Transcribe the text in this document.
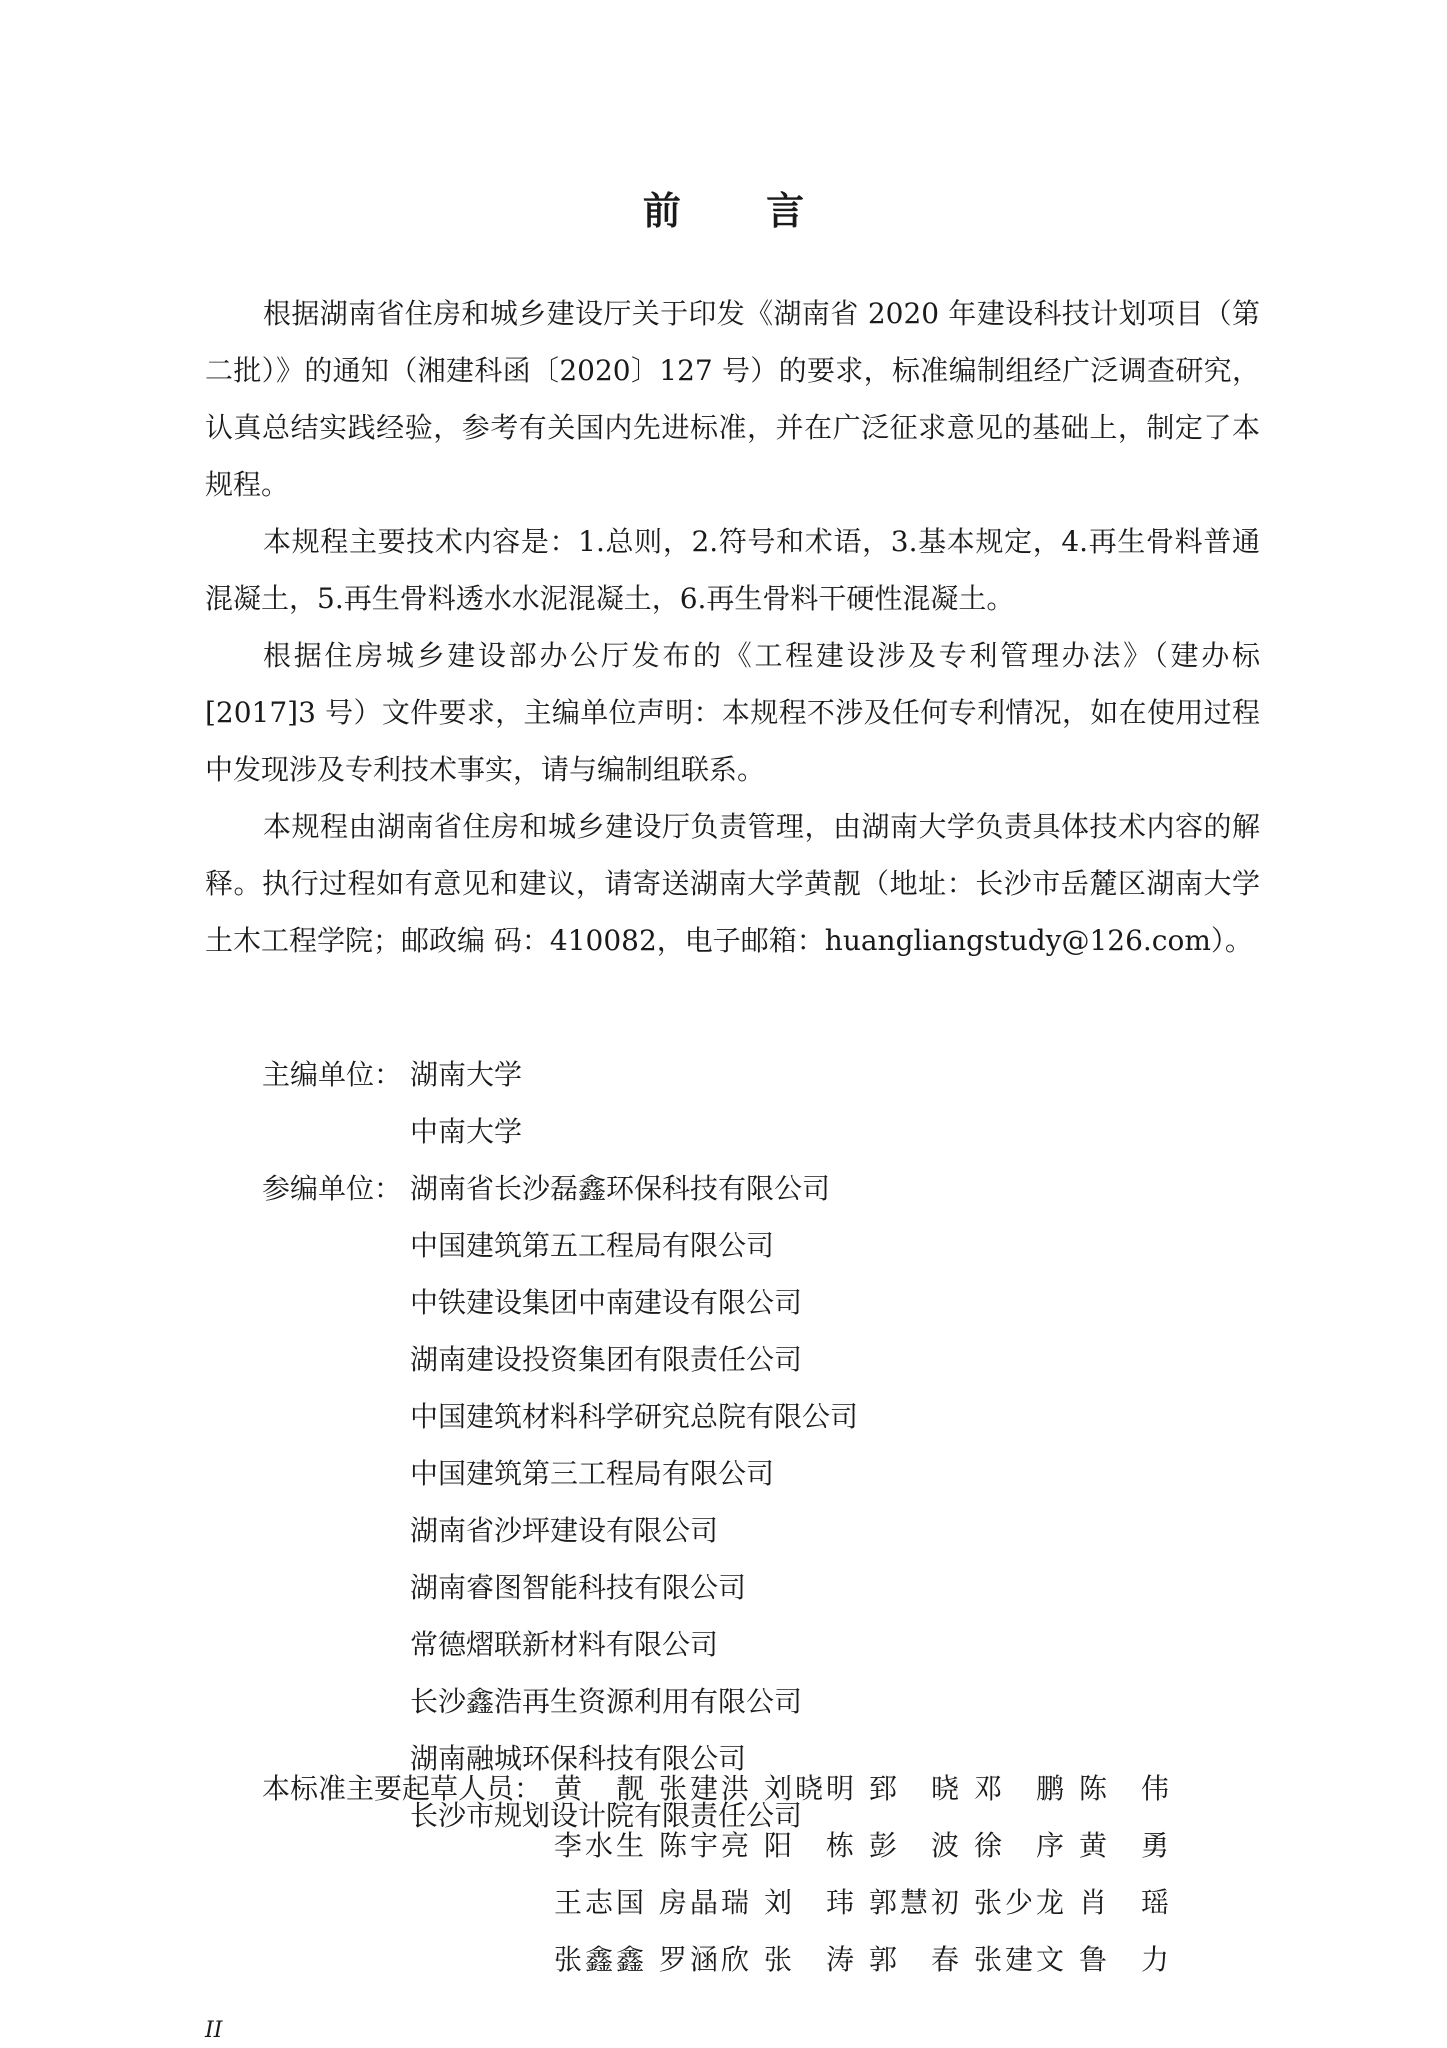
前 言

根据湖南省住房和城乡建设厅关于印发《湖南省 2020 年建设科技计划项目（第二批）》的通知（湘建科函〔2020〕127 号）的要求，标准编制组经广泛调查研究，认真总结实践经验，参考有关国内先进标准，并在广泛征求意见的基础上，制定了本规程。

本规程主要技术内容是：1.总则，2.符号和术语，3.基本规定，4.再生骨料普通混凝土，5.再生骨料透水水泥混凝土，6.再生骨料干硬性混凝土。

根据住房城乡建设部办公厅发布的《工程建设涉及专利管理办法》（建办标[2017]3 号）文件要求，主编单位声明：本规程不涉及任何专利情况，如在使用过程中发现涉及专利技术事实，请与编制组联系。

本规程由湖南省住房和城乡建设厅负责管理，由湖南大学负责具体技术内容的解释。执行过程如有意见和建议，请寄送湖南大学黄靓（地址：长沙市岳麓区湖南大学土木工程学院；邮政编 码：410082，电子邮箱：huangliangstudy@126.com）。

主编单位： 湖南大学
中南大学
参编单位： 湖南省长沙磊鑫环保科技有限公司
中国建筑第五工程局有限公司
中铁建设集团中南建设有限公司
湖南建设投资集团有限责任公司
中国建筑材料科学研究总院有限公司
中国建筑第三工程局有限公司
湖南省沙坪建设有限公司
湖南睿图智能科技有限公司
常德熠联新材料有限公司
长沙鑫浩再生资源利用有限公司
湖南融城环保科技有限公司
长沙市规划设计院有限责任公司
本标准主要起草人员： 黄靓 张建洪 刘晓明 郅晓 邓鹏 陈伟
李水生 陈宇亮 阳栋 彭波 徐序 黄勇
王志国 房晶瑞 刘玮 郭慧初 张少龙 肖瑶
张鑫鑫 罗涵欣 张涛 郭春 张建文 鲁力
II
